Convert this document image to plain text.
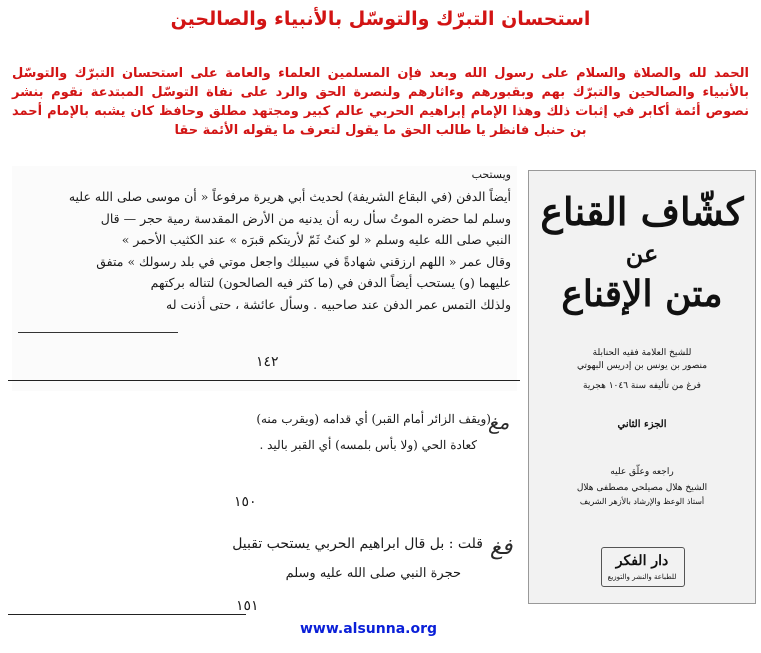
استحسان التبرّك والتوسّل بالأنبياء والصالحين
الحمد لله والصلاة والسلام على رسول الله وبعد فإن المسلمين العلماء والعامة على استحسان التبرّك والتوسّل بالأنبياء والصالحين والتبرّك بهم وبقبورهم وءاثارهم ولنصرة الحق والرد على نفاة التوسّل المبتدعة نقوم بنشر نصوص أئمة أكابر في إثبات ذلك وهذا الإمام إبراهيم الحربي عالم كبير ومجتهد مطلق وحافظ كان يشبه بالإمام أحمد بن حنبل فانظر يا طالب الحق ما يقول لتعرف ما يقوله الأئمة حقا
ويستحب
أيضاً الدفن (في البقاع الشريفة) لحديث أبي هريرة مرفوعاً « أن موسى صلى الله عليه
وسلم لما حضره الموتُ سأل ربه أن يدنيه من الأرض المقدسة رمية حجر — قال
النبي صلى الله عليه وسلم « لو كنتُ ثَمّ لأريتكم قبرَه » عند الكثيب الأحمر »
وقال عمر « اللهم ارزقني شهادةً في سبيلك واجعل موتي في بلد رسولك » متفق
عليهما (و) يستحب أيضاً الدفن في (ما كثر فيه الصالحون) لتناله بركتهم
ولذلك التمس عمر الدفن عند صاحبيه . وسأل عائشة ، حتى أذنت له
١٤٢
مغ
(ويقف الزائر أمام القبر) أي قدامه (ويقرب منه)
كعادة الحي (ولا بأس بلمسه) أي القبر باليد .
١٥٠
فغ
قلت : بل قال ابراهيم الحربي يستحب تقبيل
حجرة النبي صلى الله عليه وسلم
١٥١
www.alsunna.org
كشّاف القناع
عن
متن الإقناع
للشيخ العلامة فقيه الحنابلة
منصور بن يونس بن إدريس البهوتي
فرغ من تأليفه سنة ١٠٤٦ هجرية
الجزء الثاني
راجعه وعلّق عليه
الشيخ هلال مصيلحي مصطفى هلال
أستاذ الوعظ والإرشاد بالأزهر الشريف
دار الفكر
للطباعة والنشر والتوزيع
